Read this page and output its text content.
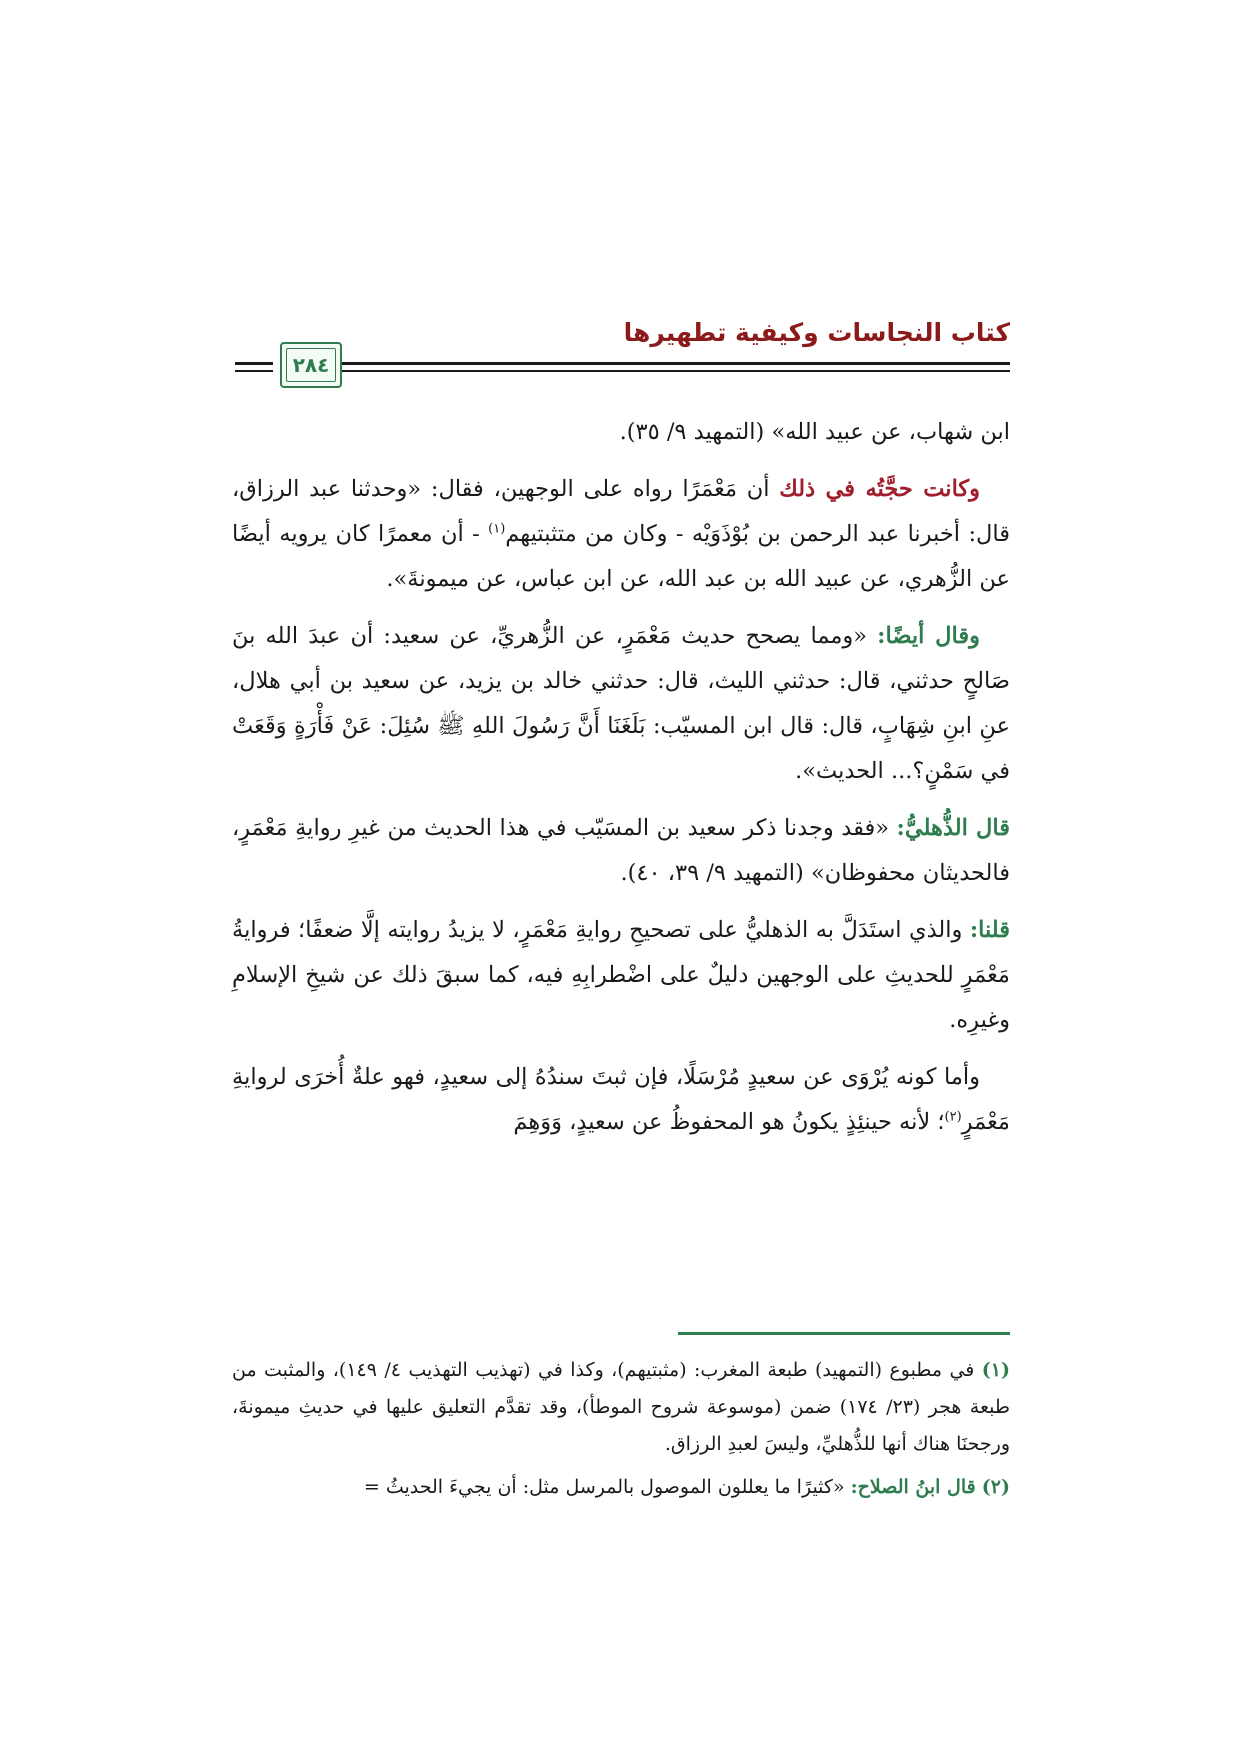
كتاب النجاسات وكيفية تطهيرها
٢٨٤

ابن شهاب، عن عبيد الله» (التمهيد ٩/ ٣٥).

وكانت حجَّتُه في ذلك أن مَعْمَرًا رواه على الوجهين، فقال: «وحدثنا عبد الرزاق، قال: أخبرنا عبد الرحمن بن بُوْذَوَيْه - وكان من متثبتيهم$^{(١)}$ - أن معمرًا كان يرويه أيضًا عن الزُّهري، عن عبيد الله بن عبد الله، عن ابن عباس، عن ميمونةَ».

وقال أيضًا: «ومما يصحح حديث مَعْمَرٍ، عن الزُّهريِّ، عن سعيد: أن عبدَ الله بنَ صَالحٍ حدثني، قال: حدثني الليث، قال: حدثني خالد بن يزيد، عن سعيد بن أبي هلال، عنِ ابنِ شِهَابٍ، قال: قال ابن المسيّب: بَلَغَنَا أَنَّ رَسُولَ اللهِ ﷺ سُئِلَ: عَنْ فَأْرَةٍ وَقَعَتْ في سَمْنٍ؟... الحديث».

قال الذُّهليُّ: «فقد وجدنا ذكر سعيد بن المسَيّب في هذا الحديث من غيرِ روايةِ مَعْمَرٍ، فالحديثان محفوظان» (التمهيد ٩/ ٣٩، ٤٠).

قلنا: والذي استَدَلَّ به الذهليُّ على تصحيحِ روايةِ مَعْمَرٍ، لا يزيدُ روايته إلَّا ضعفًا؛ فروايةُ مَعْمَرٍ للحديثِ على الوجهين دليلٌ على اضْطرابِهِ فيه، كما سبقَ ذلك عن شيخِ الإسلامِ وغيرِه.

وأما كونه يُرْوَى عن سعيدٍ مُرْسَلًا، فإن ثبتَ سندُهُ إلى سعيدٍ، فهو علةٌ أُخرَى لروايةِ مَعْمَرٍ$^{(٢)}$؛ لأنه حينئِذٍ يكونُ هو المحفوظُ عن سعيدٍ، وَوَهِمَ

(١) في مطبوع (التمهيد) طبعة المغرب: (مثبتيهم)، وكذا في (تهذيب التهذيب ٤/ ١٤٩)، والمثبت من طبعة هجر (٢٣/ ١٧٤) ضمن (موسوعة شروح الموطأ)، وقد تقدَّم التعليق عليها في حديثِ ميمونةَ، ورجحنَا هناك أنها للذُّهليِّ، وليسَ لعبدِ الرزاق.

(٢) قال ابنُ الصلاح: «كثيرًا ما يعللون الموصول بالمرسل مثل: أن يجيءَ الحديثُ =
